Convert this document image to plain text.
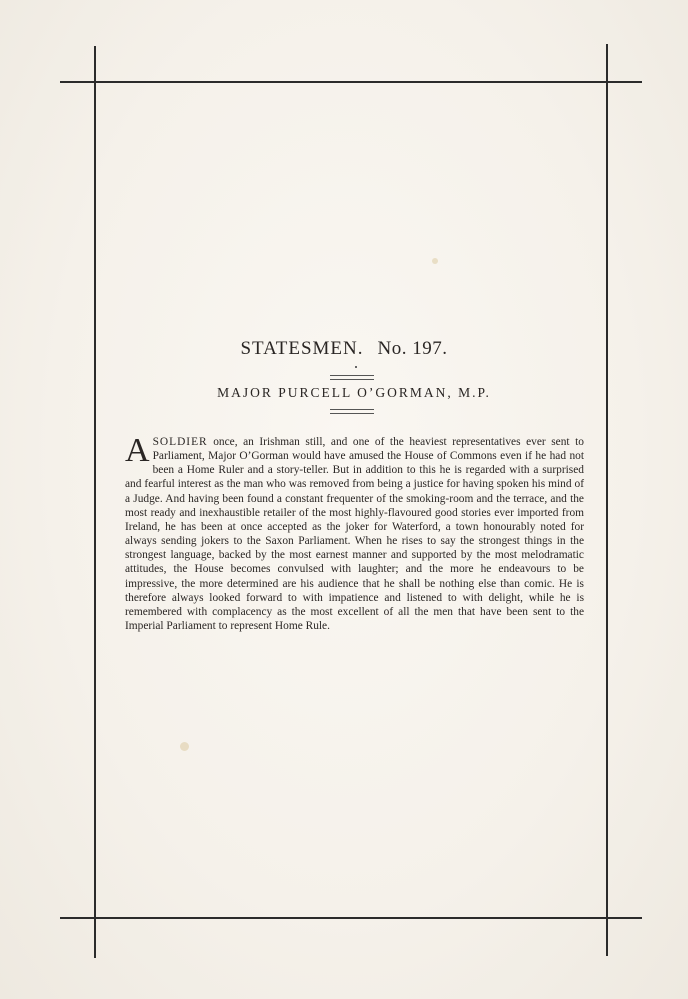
STATESMEN. No. 197.
MAJOR PURCELL O’GORMAN, M.P.
ASOLDIER once, an Irishman still, and one of the heaviest representatives ever sent to Parliament, Major O’Gorman would have amused the House of Commons even if he had not been a Home Ruler and a story-teller. But in addition to this he is regarded with a surprised and fearful interest as the man who was removed from being a justice for having spoken his mind of a Judge. And having been found a constant frequenter of the smoking-room and the terrace, and the most ready and inexhaustible retailer of the most highly-flavoured good stories ever imported from Ireland, he has been at once accepted as the joker for Waterford, a town honourably noted for always sending jokers to the Saxon Parliament. When he rises to say the strongest things in the strongest language, backed by the most earnest manner and supported by the most melodramatic attitudes, the House becomes convulsed with laughter; and the more he endeavours to be impressive, the more determined are his audience that he shall be nothing else than comic. He is therefore always looked forward to with impatience and listened to with delight, while he is remembered with complacency as the most excellent of all the men that have been sent to the Imperial Parliament to represent Home Rule.
